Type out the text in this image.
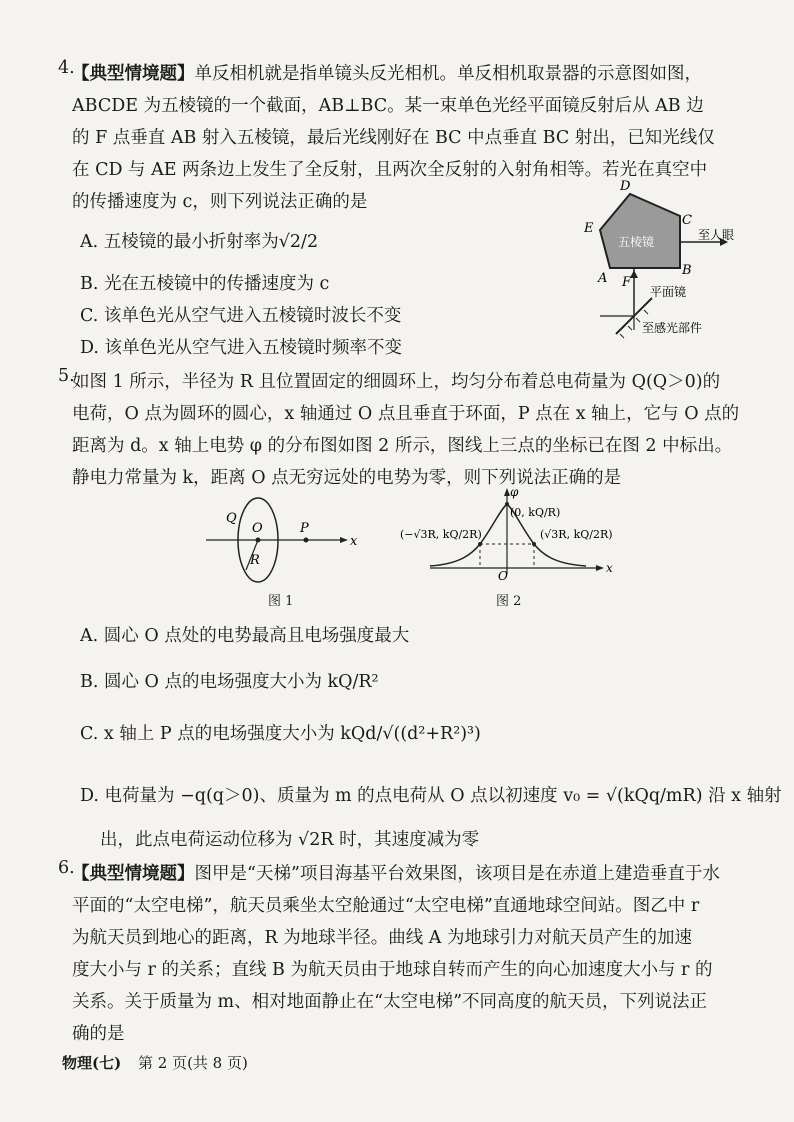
4.

【典型情境题】单反相机就是指单镜头反光相机。单反相机取景器的示意图如图，
ABCDE 为五棱镜的一个截面，AB⊥BC。某一束单色光经平面镜反射后从 AB 边
的 F 点垂直 AB 射入五棱镜，最后光线刚好在 BC 中点垂直 BC 射出，已知光线仅
在 CD 与 AE 两条边上发生了全反射，且两次全反射的入射角相等。若光在真空中
的传播速度为 c，则下列说法正确的是

A. 五棱镜的最小折射率为√2/2

B. 光在五棱镜中的传播速度为 c

C. 该单色光从空气进入五棱镜时波长不变

D. 该单色光从空气进入五棱镜时频率不变

五棱镜	至人眼
平面镜
至感光部件
D
E
C
B
A F
5.

如图 1 所示，半径为 R 且位置固定的细圆环上，均匀分布着总电荷量为 Q(Q＞0)的
电荷，O 点为圆环的圆心，x 轴通过 O 点且垂直于环面，P 点在 x 轴上，它与 O 点的
距离为 d。x 轴上电势 φ 的分布图如图 2 所示，图线上三点的坐标已在图 2 中标出。
静电力常量为 k，距离 O 点无穷远处的电势为零，则下列说法正确的是

Q
O	P
R
x
图 1
O
φ
x
(0, kQ/R)
(−√3R, kQ/2R)	(√3R, kQ/2R)
图 2

A. 圆心 O 点处的电势最高且电场强度最大

B. 圆心 O 点的电场强度大小为 kQ/R²

C. x 轴上 P 点的电场强度大小为 kQd/√((d²+R²)³)

D. 电荷量为 −q(q＞0)、质量为 m 的点电荷从 O 点以初速度 v₀ = √(kQq/mR) 沿 x 轴射

出，此点电荷运动位移为 √2R 时，其速度减为零

6.

【典型情境题】图甲是“天梯”项目海基平台效果图，该项目是在赤道上建造垂直于水
平面的“太空电梯”，航天员乘坐太空舱通过“太空电梯”直通地球空间站。图乙中 r
为航天员到地心的距离，R 为地球半径。曲线 A 为地球引力对航天员产生的加速
度大小与 r 的关系；直线 B 为航天员由于地球自转而产生的向心加速度大小与 r 的
关系。关于质量为 m、相对地面静止在“太空电梯”不同高度的航天员，下列说法正
确的是

物理(七) 第 2 页(共 8 页)
